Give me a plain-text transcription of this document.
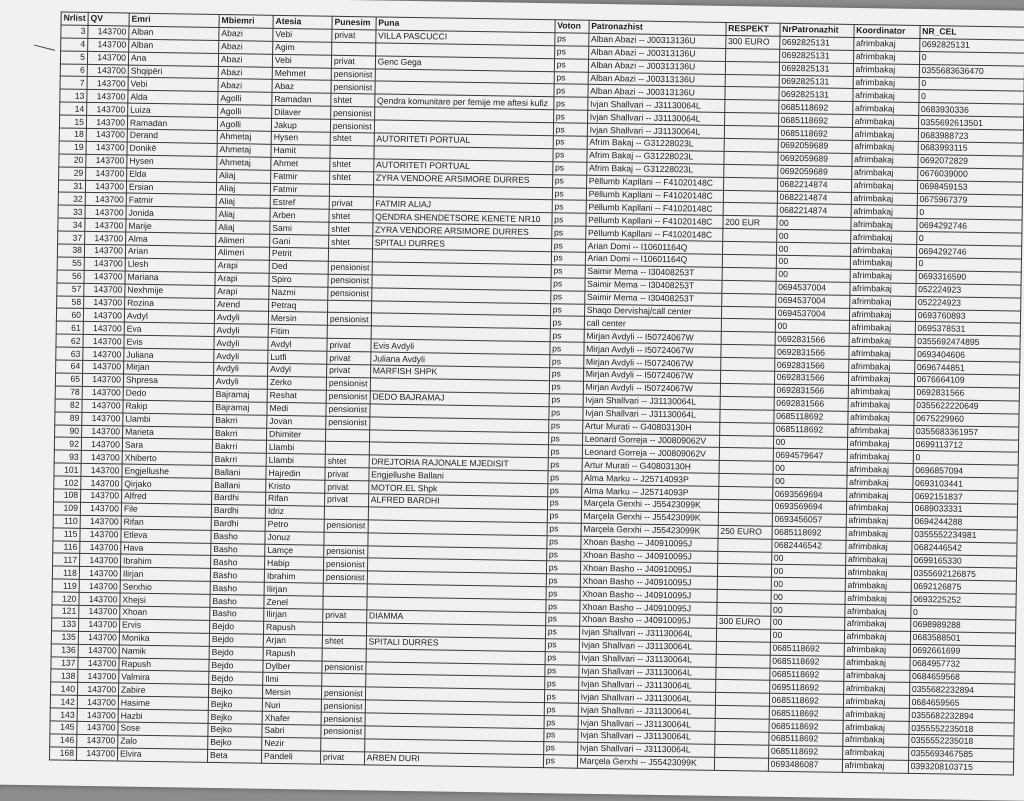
Nrlist	QV	Emri	Mbiemri	Atesia	Punesim	Puna	Voton	Patronazhist	RESPEKT	NrPatronazhit	Koordinator	NR_CEL
3	143700	Alban	Abazi	Vebi	privat	VILLA PASCUCCI	ps	Alban Abazi -- J00313136U	300 EURO	0692825131	afrimbakaj	0692825131
4	143700	Alban	Abazi	Agim			ps	Alban Abazi -- J00313136U		0692825131	afrimbakaj	0
5	143700	Ana	Abazi	Vebi	privat	Genc Gega	ps	Alban Abazi -- J00313136U		0692825131	afrimbakaj	0355683636470
6	143700	Shqipëri	Abazi	Mehmet	pensionist		ps	Alban Abazi -- J00313136U		0692825131	afrimbakaj	0
7	143700	Vebi	Abazi	Abaz	pensionist		ps	Alban Abazi -- J00313136U		0692825131	afrimbakaj	0
13	143700	Alda	Agolli	Ramadan	shtet	Qendra komunitare per femije me aftesi kufiz	ps	Ivjan Shallvari -- J31130064L		0685118692	afrimbakaj	0683930336
14	143700	Luiza	Agolli	Dilaver	pensionist		ps	Ivjan Shallvari -- J31130064L		0685118692	afrimbakaj	0355692613501
15	143700	Ramadan	Agolli	Jakup	pensionist		ps	Ivjan Shallvari -- J31130064L		0685118692	afrimbakaj	0683988723
18	143700	Derand	Ahmetaj	Hysen	shtet	AUTORITETI PORTUAL	ps	Afrim Bakaj -- G31228023L		0692059689	afrimbakaj	0683993115
19	143700	Donikë	Ahmetaj	Hamit			ps	Afrim Bakaj -- G31228023L		0692059689	afrimbakaj	0692072829
20	143700	Hysen	Ahmetaj	Ahmet	shtet	AUTORITETI PORTUAL	ps	Afrim Bakaj -- G31228023L		0692059689	afrimbakaj	0676039000
29	143700	Elda	Aliaj	Fatmir	shtet	ZYRA VENDORE ARSIMORE DURRES	ps	Pëllumb Kapllani -- F41020148C		0682214874	afrimbakaj	0698459153
31	143700	Ersian	Aliaj	Fatmir			ps	Pëllumb Kapllani -- F41020148C		0682214874	afrimbakaj	0675967379
32	143700	Fatmir	Aliaj	Estref	privat	FATMIR ALIAJ	ps	Pëllumb Kapllani -- F41020148C		0682214874	afrimbakaj	0
33	143700	Jonida	Aliaj	Arben	shtet	QENDRA SHENDETSORE KENETE NR10	ps	Pëllumb Kapllani -- F41020148C	200 EUR	00	afrimbakaj	0694292746
34	143700	Marije	Aliaj	Sami	shtet	ZYRA VENDORE ARSIMORE DURRES	ps	Pëllumb Kapllani -- F41020148C		00	afrimbakaj	0
37	143700	Alma	Alimeri	Gani	shtet	SPITALI DURRES	ps	Arian Domi -- I10601164Q		00	afrimbakaj	0694292746
38	143700	Arian	Alimeri	Petrit			ps	Arian Domi -- I10601164Q		00	afrimbakaj	0
55	143700	Llesh	Arapi	Ded	pensionist		ps	Saimir Mema -- I30408253T		00	afrimbakaj	0693316590
56	143700	Mariana	Arapi	Spiro	pensionist		ps	Saimir Mema -- I30408253T		0694537004	afrimbakaj	052224923
57	143700	Nexhmije	Arapi	Nazmi	pensionist		ps	Saimir Mema -- I30408253T		0694537004	afrimbakaj	052224923
58	143700	Rozina	Arend	Petraq			ps	Shaqo Dervishaj/call center		0694537004	afrimbakaj	0693760893
60	143700	Avdyl	Avdyli	Mersin	pensionist		ps	call center		00	afrimbakaj	0695378531
61	143700	Eva	Avdyli	Fitim			ps	Mirjan Avdyli -- I50724067W		0692831566	afrimbakaj	0355692474895
62	143700	Evis	Avdyli	Avdyl	privat	Evis Avdyli	ps	Mirjan Avdyli -- I50724067W		0692831566	afrimbakaj	0693404606
63	143700	Juliana	Avdyli	Lutfi	privat	Juliana Avdyli	ps	Mirjan Avdyli -- I50724067W		0692831566	afrimbakaj	0696744851
64	143700	Mirjan	Avdyli	Avdyl	privat	MARFISH SHPK	ps	Mirjan Avdyli -- I50724067W		0692831566	afrimbakaj	0676664109
65	143700	Shpresa	Avdyli	Zerko	pensionist		ps	Mirjan Avdyli -- I50724067W		0692831566	afrimbakaj	0692831566
78	143700	Dedo	Bajramaj	Reshat	pensionist	DEDO BAJRAMAJ	ps	Ivjan Shallvari -- J31130064L		0692831566	afrimbakaj	0355622220649
82	143700	Rakip	Bajramaj	Medi	pensionist		ps	Ivjan Shallvari -- J31130064L		0685118692	afrimbakaj	0675229960
89	143700	Llambi	Bakrri	Jovan	pensionist		ps	Artur Murati -- G40803130H		0685118692	afrimbakaj	0355683361957
90	143700	Marieta	Bakrri	Dhimiter			ps	Leonard Gorreja -- J00809062V		00	afrimbakaj	0699113712
92	143700	Sara	Bakrri	Llambi			ps	Leonard Gorreja -- J00809062V		0694579647	afrimbakaj	0
93	143700	Xhiberto	Bakrri	Llambi	shtet	DREJTORIA RAJONALE MJEDISIT	ps	Artur Murati -- G40803130H		00	afrimbakaj	0696857094
101	143700	Engjellushe	Ballani	Hajredin	privat	Engjellushe Ballani	ps	Alma Marku -- J25714093P		00	afrimbakaj	0693103441
102	143700	Qirjako	Ballani	Kristo	privat	MOTOR.EL Shpk	ps	Alma Marku -- J25714093P		0693569694	afrimbakaj	0692151837
108	143700	Alfred	Bardhi	Rifan	privat	ALFRED BARDHI	ps	Marçela Gerxhi -- J55423099K		0693569694	afrimbakaj	0689033331
109	143700	File	Bardhi	Idriz			ps	Marçela Gerxhi -- J55423099K		0693456057	afrimbakaj	0694244288
110	143700	Rifan	Bardhi	Petro	pensionist		ps	Marçela Gerxhi -- J55423099K	250 EURO	0685118692	afrimbakaj	0355552234981
115	143700	Etleva	Basho	Jonuz			ps	Xhoan Basho -- J40910095J		0682446542	afrimbakaj	0682446542
116	143700	Hava	Basho	Lamçe	pensionist		ps	Xhoan Basho -- J40910095J		00	afrimbakaj	0699165330
117	143700	Ibrahim	Basho	Habip	pensionist		ps	Xhoan Basho -- J40910095J		00	afrimbakaj	0355692126875
118	143700	Ilirjan	Basho	Ibrahim	pensionist		ps	Xhoan Basho -- J40910095J		00	afrimbakaj	0692126875
119	143700	Serxhio	Basho	Ilirjan			ps	Xhoan Basho -- J40910095J		00	afrimbakaj	0693225252
120	143700	Xhejsi	Basho	Zenel			ps	Xhoan Basho -- J40910095J		00	afrimbakaj	0
121	143700	Xhoan	Basho	Ilirjan	privat	DIAMMA	ps	Xhoan Basho -- J40910095J	300 EURO	00	afrimbakaj	0698989288
133	143700	Ervis	Bejdo	Rapush			ps	Ivjan Shallvari -- J31130064L		00	afrimbakaj	0683588501
135	143700	Monika	Bejdo	Arjan	shtet	SPITALI DURRES	ps	Ivjan Shallvari -- J31130064L		0685118692	afrimbakaj	0692661699
136	143700	Namik	Bejdo	Rapush			ps	Ivjan Shallvari -- J31130064L		0685118692	afrimbakaj	0684957732
137	143700	Rapush	Bejdo	Dylber	pensionist		ps	Ivjan Shallvari -- J31130064L		0685118692	afrimbakaj	0684659568
138	143700	Valmira	Bejdo	Ilmi			ps	Ivjan Shallvari -- J31130064L		0695118692	afrimbakaj	0355682232894
140	143700	Zabire	Bejko	Mersin	pensionist		ps	Ivjan Shallvari -- J31130064L		0685118692	afrimbakaj	0684659565
142	143700	Hasime	Bejko	Nuri	pensionist		ps	Ivjan Shallvari -- J31130064L		0685118692	afrimbakaj	0355682232894
143	143700	Hazbi	Bejko	Xhafer	pensionist		ps	Ivjan Shallvari -- J31130064L		0685118692	afrimbakaj	0355552235018
145	143700	Sose	Bejko	Sabri	pensionist		ps	Ivjan Shallvari -- J31130064L		0685118692	afrimbakaj	0355552235018
146	143700	Zalo	Bejko	Nezir			ps	Ivjan Shallvari -- J31130064L		0685118692	afrimbakaj	0355693467585
168	143700	Elvira	Beta	Pandeli	privat	ARBEN DURI	ps	Marçela Gerxhi -- J55423099K		0693486087	afrimbakaj	0393208103715
